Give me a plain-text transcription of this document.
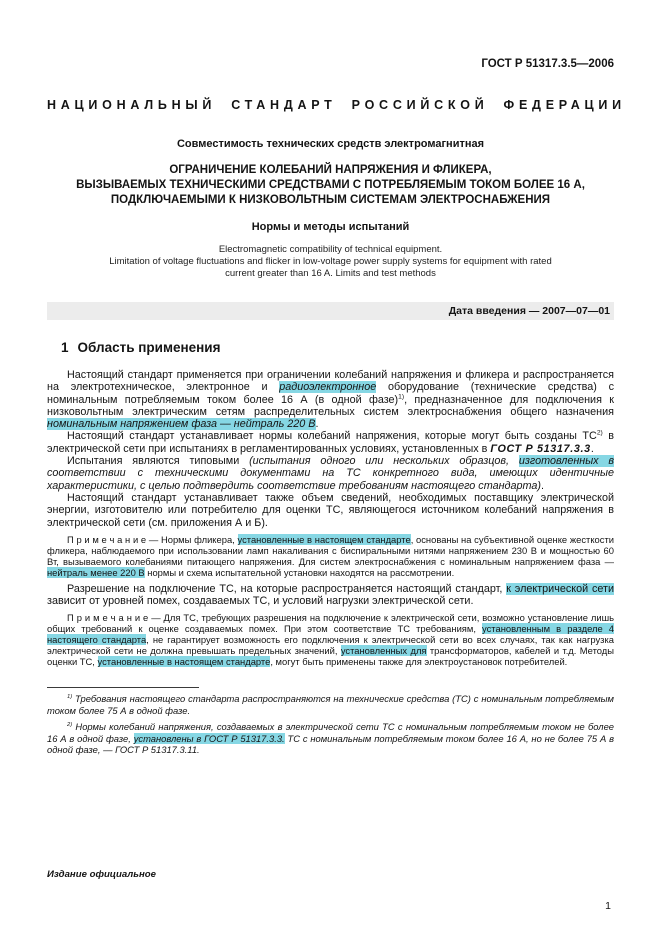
ГОСТ Р 51317.3.5—2006
НАЦИОНАЛЬНЫЙ СТАНДАРТ РОССИЙСКОЙ ФЕДЕРАЦИИ
Совместимость технических средств электромагнитная
ОГРАНИЧЕНИЕ КОЛЕБАНИЙ НАПРЯЖЕНИЯ И ФЛИКЕРА,
ВЫЗЫВАЕМЫХ ТЕХНИЧЕСКИМИ СРЕДСТВАМИ С ПОТРЕБЛЯЕМЫМ ТОКОМ БОЛЕЕ 16 А,
ПОДКЛЮЧАЕМЫМИ К НИЗКОВОЛЬТНЫМ СИСТЕМАМ ЭЛЕКТРОСНАБЖЕНИЯ
Нормы и методы испытаний
Electromagnetic compatibility of technical equipment.
Limitation of voltage fluctuations and flicker in low-voltage power supply systems for equipment with rated
current greater than 16 A. Limits and test methods
Дата введения — 2007—07—01
1 Область применения

Настоящий стандарт применяется при ограничении колебаний напряжения и фликера и распространяется на электротехническое, электронное и радиоэлектронное оборудование (технические средства) с номинальным потребляемым током более 16 А (в одной фазе)$^{1)}$, предназначенное для подключения к низковольтным электрическим сетям распределительных систем электроснабжения общего назначения номинальным напряжением фаза — нейтраль 220 В.

Настоящий стандарт устанавливает нормы колебаний напряжения, которые могут быть созданы ТС$^{2)}$ в электрической сети при испытаниях в регламентированных условиях, установленных в ГОСТ Р 51317.3.3.

Испытания являются типовыми (испытания одного или нескольких образцов, изготовленных в соответствии с техническими документами на ТС конкретного вида, имеющих идентичные характеристики, с целью подтвердить соответствие требованиям настоящего стандарта).

Настоящий стандарт устанавливает также объем сведений, необходимых поставщику электрической энергии, изготовителю или потребителю для оценки ТС, являющегося источником колебаний напряжения в электрической сети (см. приложения А и Б).

П р и м е ч а н и е — Нормы фликера, установленные в настоящем стандарте, основаны на субъективной оценке жесткости фликера, наблюдаемого при использовании ламп накаливания с биспиральными нитями напряжением 230 В и мощностью 60 Вт, вызываемого колебаниями питающего напряжения. Для систем электроснабжения с номинальным напряжением фаза — нейтраль менее 220 В нормы и схема испытательной установки находятся на рассмотрении.

Разрешение на подключение ТС, на которые распространяется настоящий стандарт, к электрической сети зависит от уровней помех, создаваемых ТС, и условий нагрузки электрической сети.

П р и м е ч а н и е — Для ТС, требующих разрешения на подключение к электрической сети, возможно установление лишь общих требований к оценке создаваемых помех. При этом соответствие ТС требованиям, установленным в разделе 4 настоящего стандарта, не гарантирует возможность его подключения к электрической сети во всех случаях, так как нагрузка электрической сети не должна превышать предельных значений, установленных для трансформаторов, кабелей и т.д. Методы оценки ТС, установленные в настоящем стандарте, могут быть применены также для электроустановок потребителей.

$^{1)}$ Требования настоящего стандарта распространяются на технические средства (ТС) с номинальным потребляемым током более 75 А в одной фазе.

$^{2)}$ Нормы колебаний напряжения, создаваемых в электрической сети ТС с номинальным потребляемым током не более 16 А в одной фазе, установлены в ГОСТ Р 51317.3.3. ТС с номинальным потребляемым током более 16 А, но не более 75 А в одной фазе, — ГОСТ Р 51317.3.11.

Издание официальное
1
